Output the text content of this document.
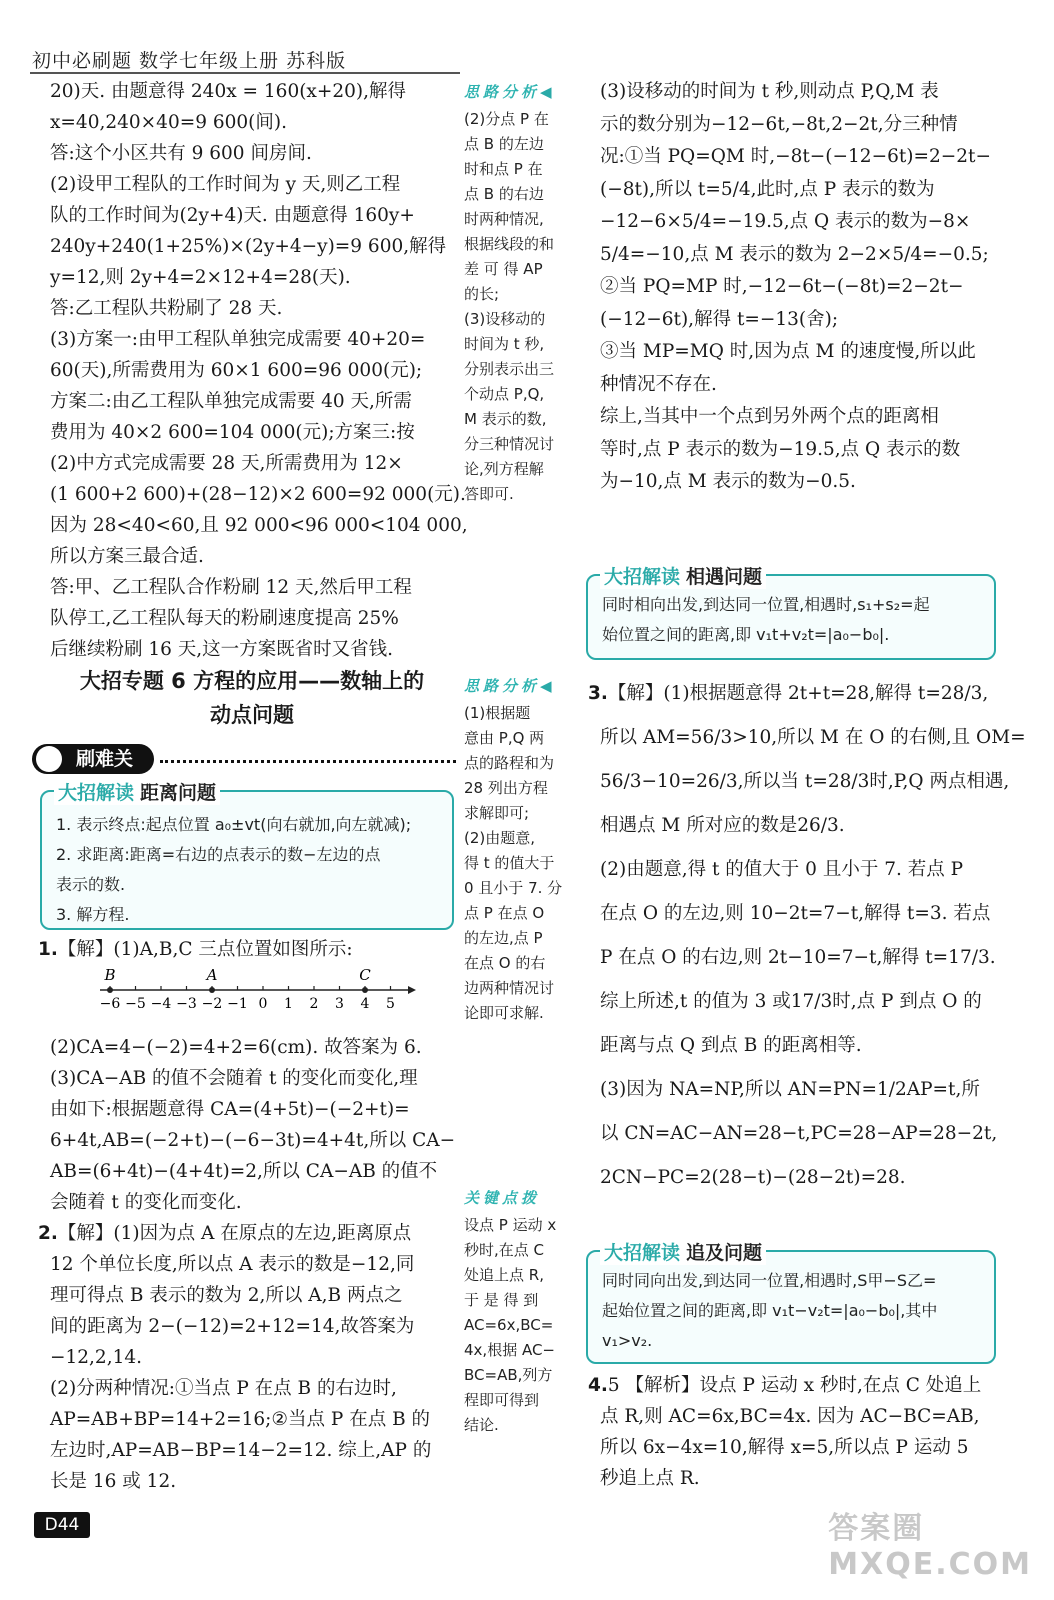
初中必刷题 数学七年级上册 苏科版

20)天. 由题意得 240x = 160(x+20),解得

x=40,240×40=9 600(间).

答:这个小区共有 9 600 间房间.

(2)设甲工程队的工作时间为 y 天,则乙工程

队的工作时间为(2y+4)天. 由题意得 160y+

240y+240(1+25%)×(2y+4−y)=9 600,解得

y=12,则 2y+4=2×12+4=28(天).

答:乙工程队共粉刷了 28 天.

(3)方案一:由甲工程队单独完成需要 40+20=

60(天),所需费用为 60×1 600=96 000(元);

方案二:由乙工程队单独完成需要 40 天,所需

费用为 40×2 600=104 000(元);方案三:按

(2)中方式完成需要 28 天,所需费用为 12×

(1 600+2 600)+(28−12)×2 600=92 000(元).

因为 28<40<60,且 92 000<96 000<104 000,

所以方案三最合适.

答:甲、乙工程队合作粉刷 12 天,然后甲工程

队停工,乙工程队每天的粉刷速度提高 25%

后继续粉刷 16 天,这一方案既省时又省钱.

大招专题 6 方程的应用——数轴上的
动点问题
刷难关
大招解读 距离问题
1. 表示终点:起点位置 a₀±vt(向右就加,向左就减);
2. 求距离:距离=右边的点表示的数−左边的点
表示的数.
3. 解方程.

1.【解】(1)A,B,C 三点位置如图所示:

−6 −5 −4 −3 −2 −1 0 1 2 3 4 5
B	A	C

(2)CA=4−(−2)=4+2=6(cm). 故答案为 6.

(3)CA−AB 的值不会随着 t 的变化而变化,理

由如下:根据题意得 CA=(4+5t)−(−2+t)=

6+4t,AB=(−2+t)−(−6−3t)=4+4t,所以 CA−

AB=(6+4t)−(4+4t)=2,所以 CA−AB 的值不

会随着 t 的变化而变化.

2.【解】(1)因为点 A 在原点的左边,距离原点

12 个单位长度,所以点 A 表示的数是−12,同

理可得点 B 表示的数为 2,所以 A,B 两点之

间的距离为 2−(−12)=2+12=14,故答案为

−12,2,14.

(2)分两种情况:①当点 P 在点 B 的右边时,

AP=AB+BP=14+2=16;②当点 P 在点 B 的

左边时,AP=AB−BP=14−2=12. 综上,AP 的

长是 16 或 12.

思路分析◀
(2)分点 P 在
点 B 的左边
时和点 P 在
点 B 的右边
时两种情况,
根据线段的和
差 可 得 AP
的长;
(3)设移动的
时间为 t 秒,
分别表示出三
个动点 P,Q,
M 表示的数,
分三种情况讨
论,列方程解
答即可.
思路分析◀
(1)根据题
意由 P,Q 两
点的路程和为
28 列出方程
求解即可;
(2)由题意,
得 t 的值大于
0 且小于 7. 分
点 P 在点 O
的左边,点 P
在点 O 的右
边两种情况讨
论即可求解.
关键点拨
设点 P 运动 x
秒时,在点 C
处追上点 R,
于 是 得 到
AC=6x,BC=
4x,根据 AC−
BC=AB,列方
程即可得到
结论.

(3)设移动的时间为 t 秒,则动点 P,Q,M 表

示的数分别为−12−6t,−8t,2−2t,分三种情

况:①当 PQ=QM 时,−8t−(−12−6t)=2−2t−

(−8t),所以 t=5/4,此时,点 P 表示的数为

−12−6×5/4=−19.5,点 Q 表示的数为−8×

5/4=−10,点 M 表示的数为 2−2×5/4=−0.5;

②当 PQ=MP 时,−12−6t−(−8t)=2−2t−

(−12−6t),解得 t=−13(舍);

③当 MP=MQ 时,因为点 M 的速度慢,所以此

种情况不存在.

综上,当其中一个点到另外两个点的距离相

等时,点 P 表示的数为−19.5,点 Q 表示的数

为−10,点 M 表示的数为−0.5.

大招解读 相遇问题
同时相向出发,到达同一位置,相遇时,s₁+s₂=起
始位置之间的距离,即 v₁t+v₂t=|a₀−b₀|.

3.【解】(1)根据题意得 2t+t=28,解得 t=28/3,

所以 AM=56/3>10,所以 M 在 O 的右侧,且 OM=

56/3−10=26/3,所以当 t=28/3时,P,Q 两点相遇,

相遇点 M 所对应的数是26/3.

(2)由题意,得 t 的值大于 0 且小于 7. 若点 P

在点 O 的左边,则 10−2t=7−t,解得 t=3. 若点

P 在点 O 的右边,则 2t−10=7−t,解得 t=17/3.

综上所述,t 的值为 3 或17/3时,点 P 到点 O 的

距离与点 Q 到点 B 的距离相等.

(3)因为 NA=NP,所以 AN=PN=1/2AP=t,所

以 CN=AC−AN=28−t,PC=28−AP=28−2t,

2CN−PC=2(28−t)−(28−2t)=28.

大招解读 追及问题
同时同向出发,到达同一位置,相遇时,S甲−S乙=
起始位置之间的距离,即 v₁t−v₂t=|a₀−b₀|,其中
v₁>v₂.

4.5 【解析】设点 P 运动 x 秒时,在点 C 处追上

点 R,则 AC=6x,BC=4x. 因为 AC−BC=AB,

所以 6x−4x=10,解得 x=5,所以点 P 运动 5

秒追上点 R.

D44	答案圈
MXQE.COM
